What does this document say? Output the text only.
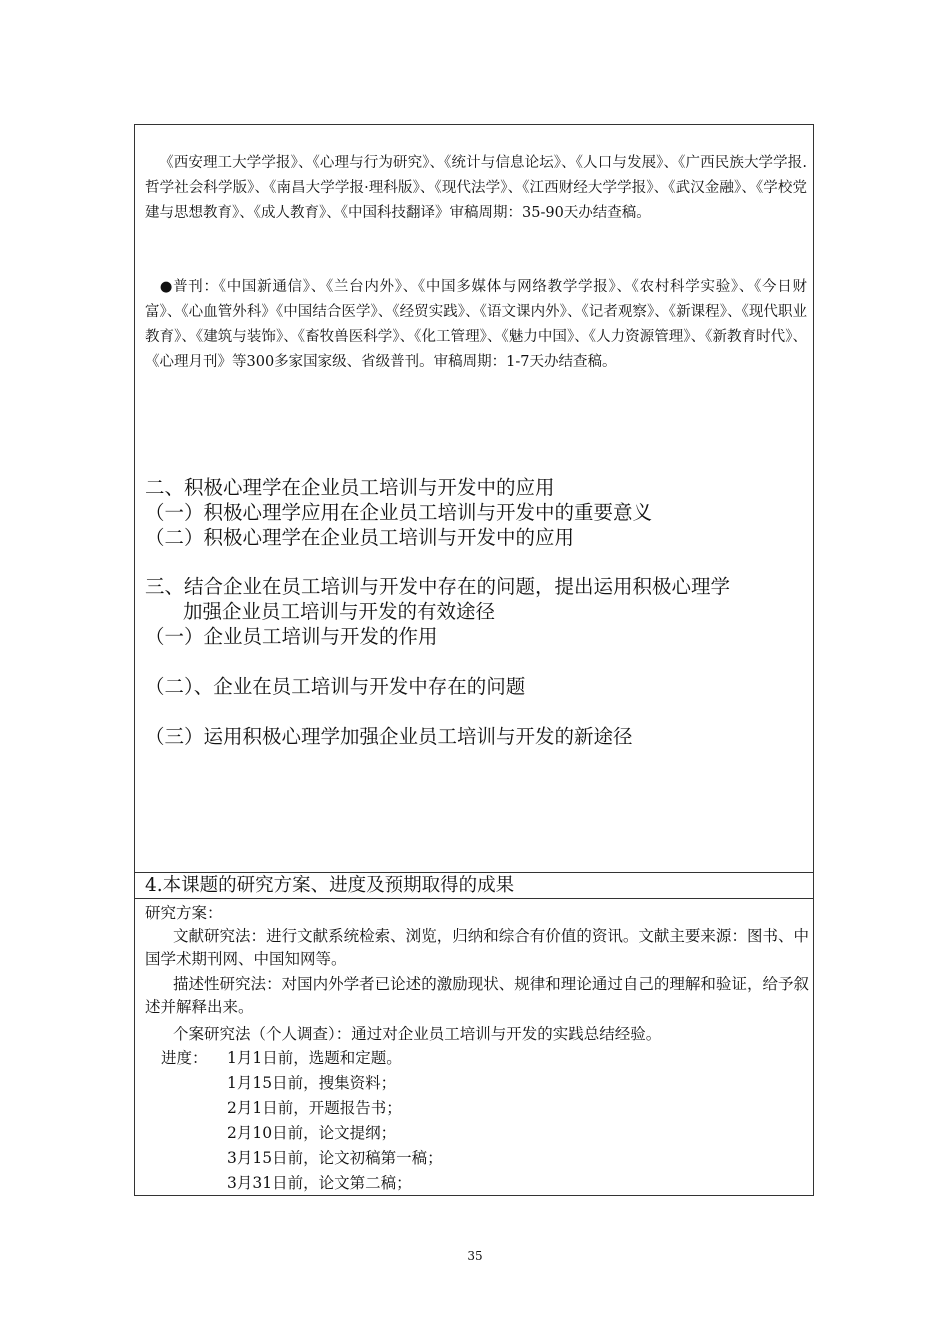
《西安理工大学学报》、《心理与行为研究》、《统计与信息论坛》、《人口与发展》、《广西民族大学学报.哲学社会科学版》、《南昌大学学报·理科版》、《现代法学》、《江西财经大学学报》、《武汉金融》、《学校党建与思想教育》、《成人教育》、《中国科技翻译》审稿周期：35-90天办结查稿。
●普刊：《中国新通信》、《兰台内外》、《中国多媒体与网络教学学报》、《农村科学实验》、《今日财富》、《心血管外科》《中国结合医学》、《经贸实践》、《语文课内外》、《记者观察》、《新课程》、《现代职业教育》、《建筑与装饰》、《畜牧兽医科学》、《化工管理》、《魅力中国》、《人力资源管理》、《新教育时代》、《心理月刊》等300多家国家级、省级普刊。审稿周期：1-7天办结查稿。
二、积极心理学在企业员工培训与开发中的应用
（一）积极心理学应用在企业员工培训与开发中的重要意义
（二）积极心理学在企业员工培训与开发中的应用
三、结合企业在员工培训与开发中存在的问题，提出运用积极心理学
加强企业员工培训与开发的有效途径
（一）企业员工培训与开发的作用
（二）、企业在员工培训与开发中存在的问题
（三）运用积极心理学加强企业员工培训与开发的新途径
4.本课题的研究方案、进度及预期取得的成果
研究方案：
文献研究法：进行文献系统检索、浏览，归纳和综合有价值的资讯。文献主要来源：图书、中国学术期刊网、中国知网等。
描述性研究法：对国内外学者已论述的激励现状、规律和理论通过自己的理解和验证，给予叙述并解释出来。
个案研究法（个人调查）：通过对企业员工培训与开发的实践总结经验。
进度： 1月1日前，选题和定题。
1月15日前，搜集资料；
2月1日前，开题报告书；
2月10日前，论文提纲；
3月15日前，论文初稿第一稿；
3月31日前，论文第二稿；
35
